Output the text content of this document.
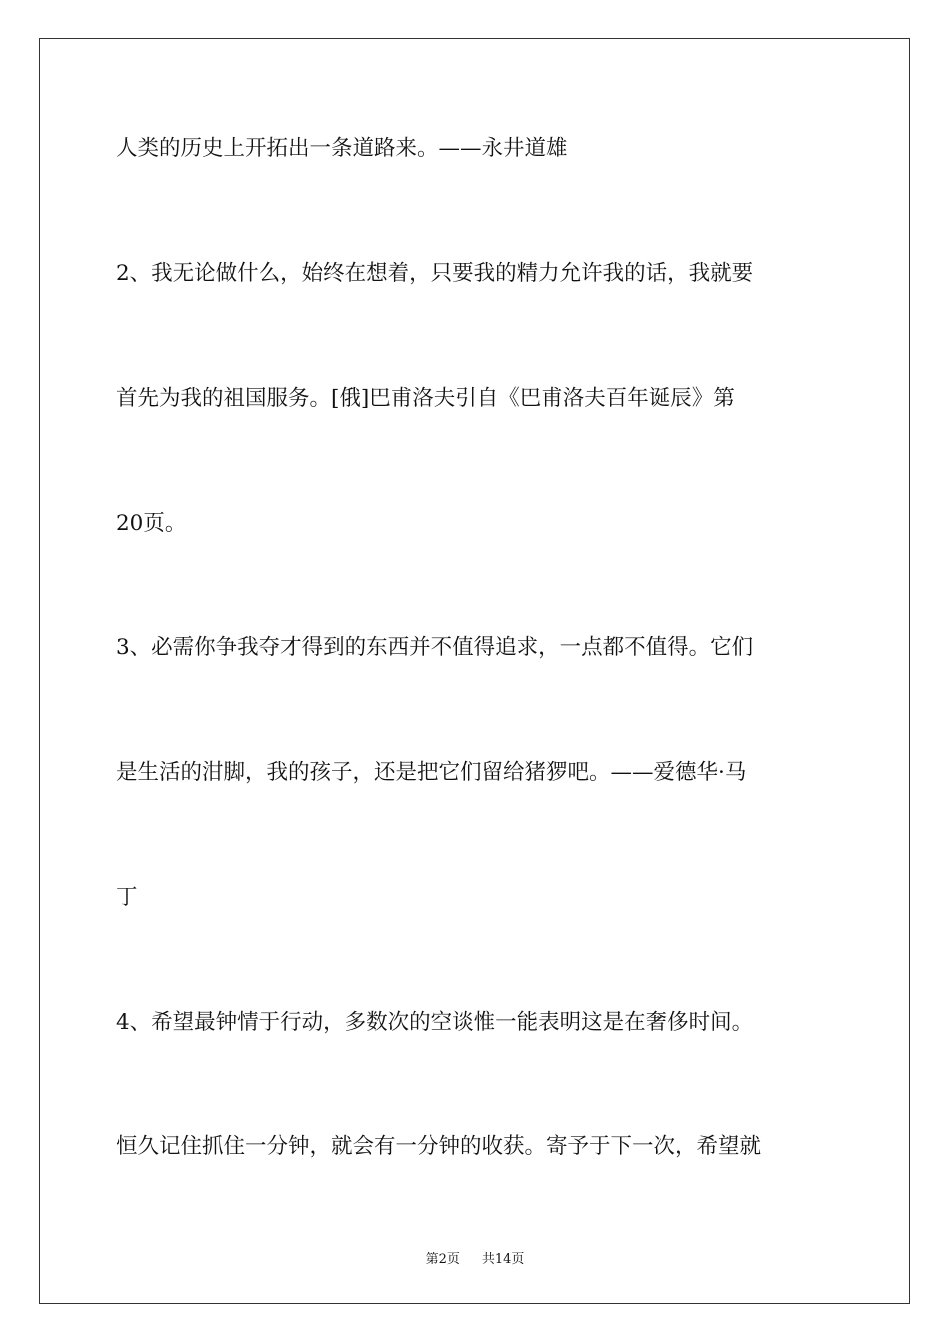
人类的历史上开拓出一条道路来。——永井道雄
2、我无论做什么，始终在想着，只要我的精力允许我的话，我就要
首先为我的祖国服务。[俄]巴甫洛夫引自《巴甫洛夫百年诞辰》第
20页。
3、必需你争我夺才得到的东西并不值得追求，一点都不值得。它们
是生活的泔脚，我的孩子，还是把它们留给猪猡吧。——爱德华·马
丁
4、希望最钟情于行动，多数次的空谈惟一能表明这是在奢侈时间。
恒久记住抓住一分钟，就会有一分钟的收获。寄予于下一次，希望就
第2页 共14页
